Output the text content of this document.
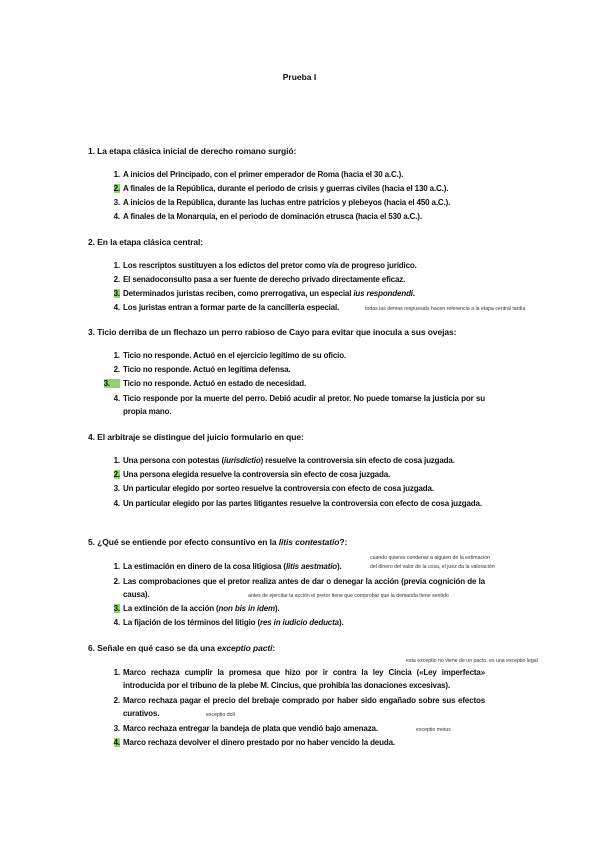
Prueba I
1. La etapa clásica inicial de derecho romano surgió:
1. A inicios del Principado, con el primer emperador de Roma (hacia el 30 a.C.).
2. A finales de la República, durante el periodo de crisis y guerras civiles (hacia el 130 a.C.).
3. A inicios de la República, durante las luchas entre patricios y plebeyos (hacia el 450 a.C.).
4. A finales de la Monarquía, en el periodo de dominación etrusca (hacia el 530 a.C.).
2. En la etapa clásica central:
1. Los rescriptos sustituyen a los edictos del pretor como vía de progreso jurídico.
2. El senadoconsulto pasa a ser fuente de derecho privado directamente eficaz.
3. Determinados juristas reciben, como prerrogativa, un especial ius respondendi.
4. Los juristas entran a formar parte de la cancillería especial.	todas las demas respuesats hacen referencia a la etapa central tardia
3. Ticio derriba de un flechazo un perro rabioso de Cayo para evitar que inocula a sus ovejas:
1. Ticio no responde. Actuó en el ejercicio legítimo de su oficio.
2. Ticio no responde. Actuó en legítima defensa.
3. Ticio no responde. Actuó en estado de necesidad.
4. Ticio responde por la muerte del perro. Debió acudir al pretor. No puede tomarse la justicia por su propia mano.
4. El arbitraje se distingue del juicio formulario en que:
1. Una persona con potestas (iurisdictio) resuelve la controversia sin efecto de cosa juzgada.
2. Una persona elegida resuelve la controversia sin efecto de cosa juzgada.
3. Un particular elegido por sorteo resuelve la controversia con efecto de cosa juzgada.
4. Un particular elegido por las partes litigantes resuelve la controversia con efecto de cosa juzgada.
5. ¿Qué se entiende por efecto consuntivo en la litis contestatio?:
cuando quieres condenar a alguien de la estimacion
1. La estimación en dinero de la cosa litigiosa (litis aestmatio).	del dinero del valor de la cosa, el juez da la valoración
2. Las comprobaciones que el pretor realiza antes de dar o denegar la acción (previa cognición de la causa).	antes de ejercitar la acción el pretor tiene que comprobar que la demanda tiene sentido
3. La extinción de la acción (non bis in idem).
4. La fijación de los términos del litigio (res in iudicio deducta).
6. Señale en qué caso se da una exceptio pacti:
esta exceptio no viene de un pacto, es una exceptio legal
1. Marco rechaza cumplir la promesa que hizo por ir contra la ley Cincia («Ley imperfecta» introducida por el tribuno de la plebe M. Cincius, que prohibía las donaciones excesivas).
2. Marco rechaza pagar el precio del brebaje comprado por haber sido engañado sobre sus efectos curativos.	exceptio doli
3. Marco rechaza entregar la bandeja de plata que vendió bajo amenaza.	exceptio metus
4. Marco rechaza devolver el dinero prestado por no haber vencido la deuda.
